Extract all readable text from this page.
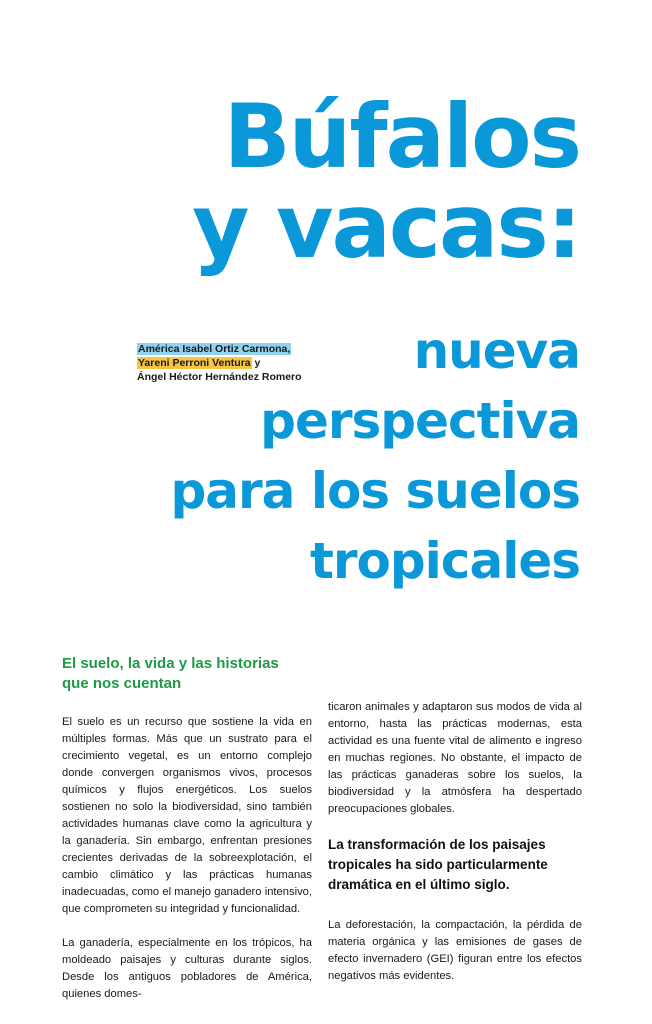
Búfalos
y vacas:
América Isabel Ortiz Carmona,
Yareni Perroni Ventura y
Ángel Héctor Hernández Romero	nueva
perspectiva
para los suelos
tropicales
El suelo, la vida y las historias que nos cuentan

El suelo es un recurso que sostiene la vida en múltiples formas. Más que un sustrato para el crecimiento vegetal, es un entorno complejo donde convergen organismos vivos, procesos químicos y flujos energéticos. Los suelos sostienen no solo la biodiversidad, sino también actividades humanas clave como la agricultura y la ganadería. Sin embargo, enfrentan presiones crecientes derivadas de la sobreexplotación, el cambio climático y las prácticas humanas inadecuadas, como el manejo ganadero intensivo, que comprometen su integridad y funcionalidad.

La ganadería, especialmente en los trópicos, ha moldeado paisajes y culturas durante siglos. Desde los antiguos pobladores de América, quienes domes-

ticaron animales y adaptaron sus modos de vida al entorno, hasta las prácticas modernas, esta actividad es una fuente vital de alimento e ingreso en muchas regiones. No obstante, el impacto de las prácticas ganaderas sobre los suelos, la biodiversidad y la atmósfera ha despertado preocupaciones globales.

La transformación de los paisajes tropicales ha sido particularmente dramática en el último siglo.

La deforestación, la compactación, la pérdida de materia orgánica y las emisiones de gases de efecto invernadero (GEI) figuran entre los efectos negativos más evidentes.
